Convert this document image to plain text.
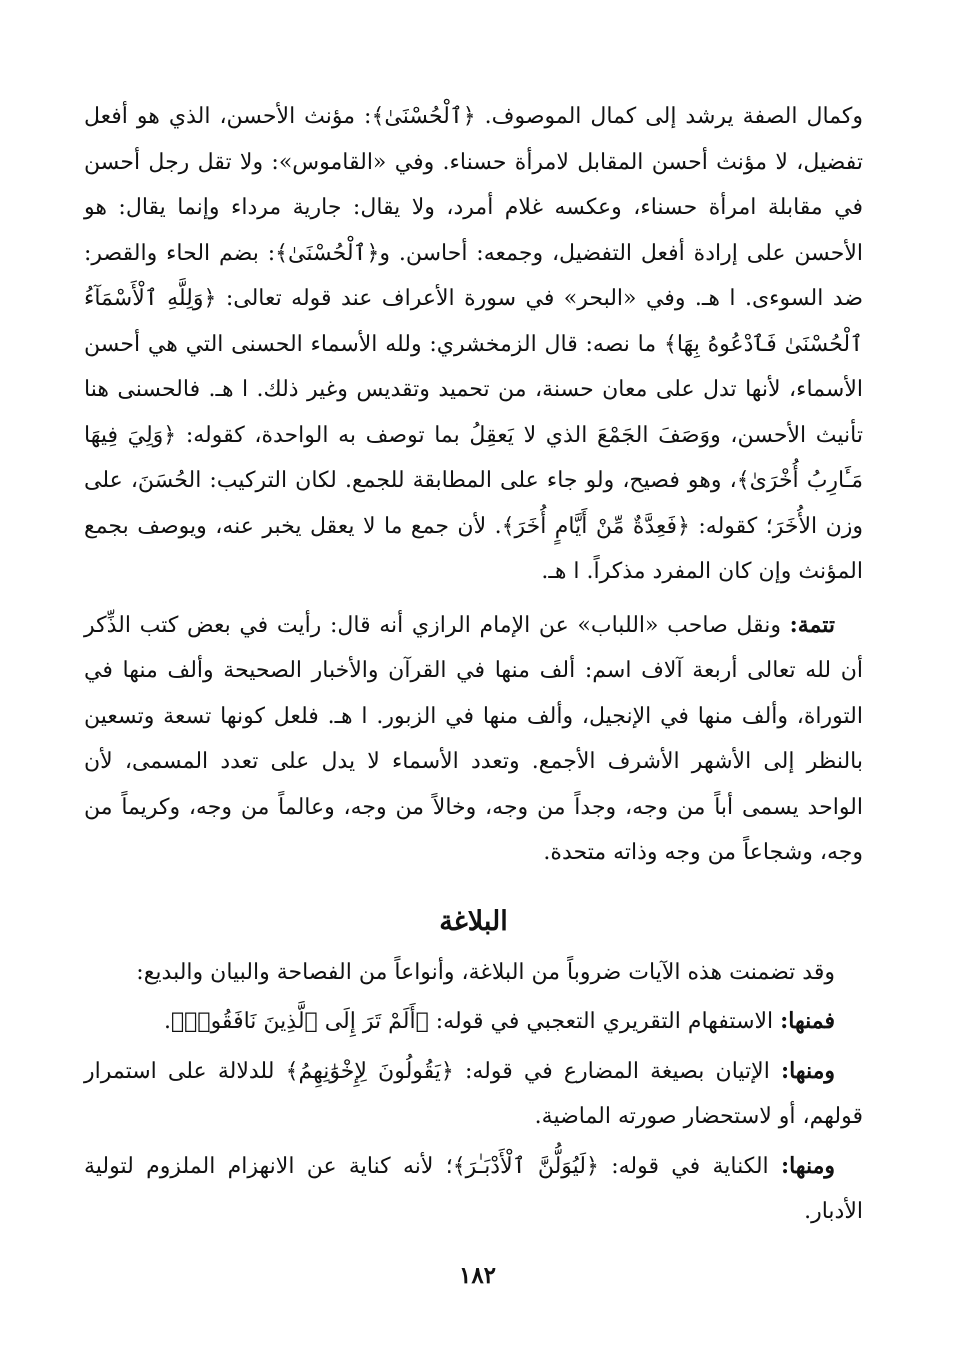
وكمال الصفة يرشد إلى كمال الموصوف. ﴿ٱلْحُسْنَىٰ﴾: مؤنث الأحسن، الذي هو أفعل تفضيل، لا مؤنث أحسن المقابل لامرأة حسناء. وفي «القاموس»: ولا تقل رجل أحسن في مقابلة امرأة حسناء، وعكسه غلام أمرد، ولا يقال: جارية مرداء وإنما يقال: هو الأحسن على إرادة أفعل التفضيل، وجمعه: أحاسن. و﴿ٱلْحُسْنَىٰ﴾: بضم الحاء والقصر: ضد السوءى. ا هـ. وفي «البحر» في سورة الأعراف عند قوله تعالى: ﴿وَلِلَّهِ ٱلْأَسْمَآءُ ٱلْحُسْنَىٰ فَٱدْعُوهُ بِهَا﴾ ما نصه: قال الزمخشري: ولله الأسماء الحسنى التي هي أحسن الأسماء، لأنها تدل على معان حسنة، من تحميد وتقديس وغير ذلك. ا هـ. فالحسنى هنا تأنيث الأحسن، ووَصَفَ الجَمْعَ الذي لا يَعقِلُ بما توصف به الواحدة، كقوله: ﴿وَلِيَ فِيهَا مَـَٔارِبُ أُخْرَىٰ﴾، وهو فصيح، ولو جاء على المطابقة للجمع. لكان التركيب: الحُسَنَ، على وزن الأُخَرَ؛ كقوله: ﴿فَعِدَّةٌ مِّنْ أَيَّامٍ أُخَرَ﴾. لأن جمع ما لا يعقل يخبر عنه، ويوصف بجمع المؤنث وإن كان المفرد مذكراً. ا هـ.

تتمة: ونقل صاحب «اللباب» عن الإمام الرازي أنه قال: رأيت في بعض كتب الذِّكر أن لله تعالى أربعة آلاف اسم: ألف منها في القرآن والأخبار الصحيحة وألف منها في التوراة، وألف منها في الإنجيل، وألف منها في الزبور. ا هـ. فلعل كونها تسعة وتسعين بالنظر إلى الأشهر الأشرف الأجمع. وتعدد الأسماء لا يدل على تعدد المسمى، لأن الواحد يسمى أباً من وجه، وجداً من وجه، وخالاً من وجه، وعالماً من وجه، وكريماً من وجه، وشجاعاً من وجه وذاته متحدة.

البلاغة

وقد تضمنت هذه الآيات ضروباً من البلاغة، وأنواعاً من الفصاحة والبيان والبديع:

فمنها: الاستفهام التقريري التعجبي في قوله: ﴿أَلَمْ تَرَ إِلَى ٱلَّذِينَ نَافَقُوا۟﴾.

ومنها: الإتيان بصيغة المضارع في قوله: ﴿يَقُولُونَ لِإِخْوَٰنِهِمُ﴾ للدلالة على استمرار قولهم، أو لاستحضار صورته الماضية.

ومنها: الكناية في قوله: ﴿لَيُوَلُّنَّ ٱلْأَدْبَـٰرَ﴾؛ لأنه كناية عن الانهزام الملزوم لتولية الأدبار.

١٨٢
